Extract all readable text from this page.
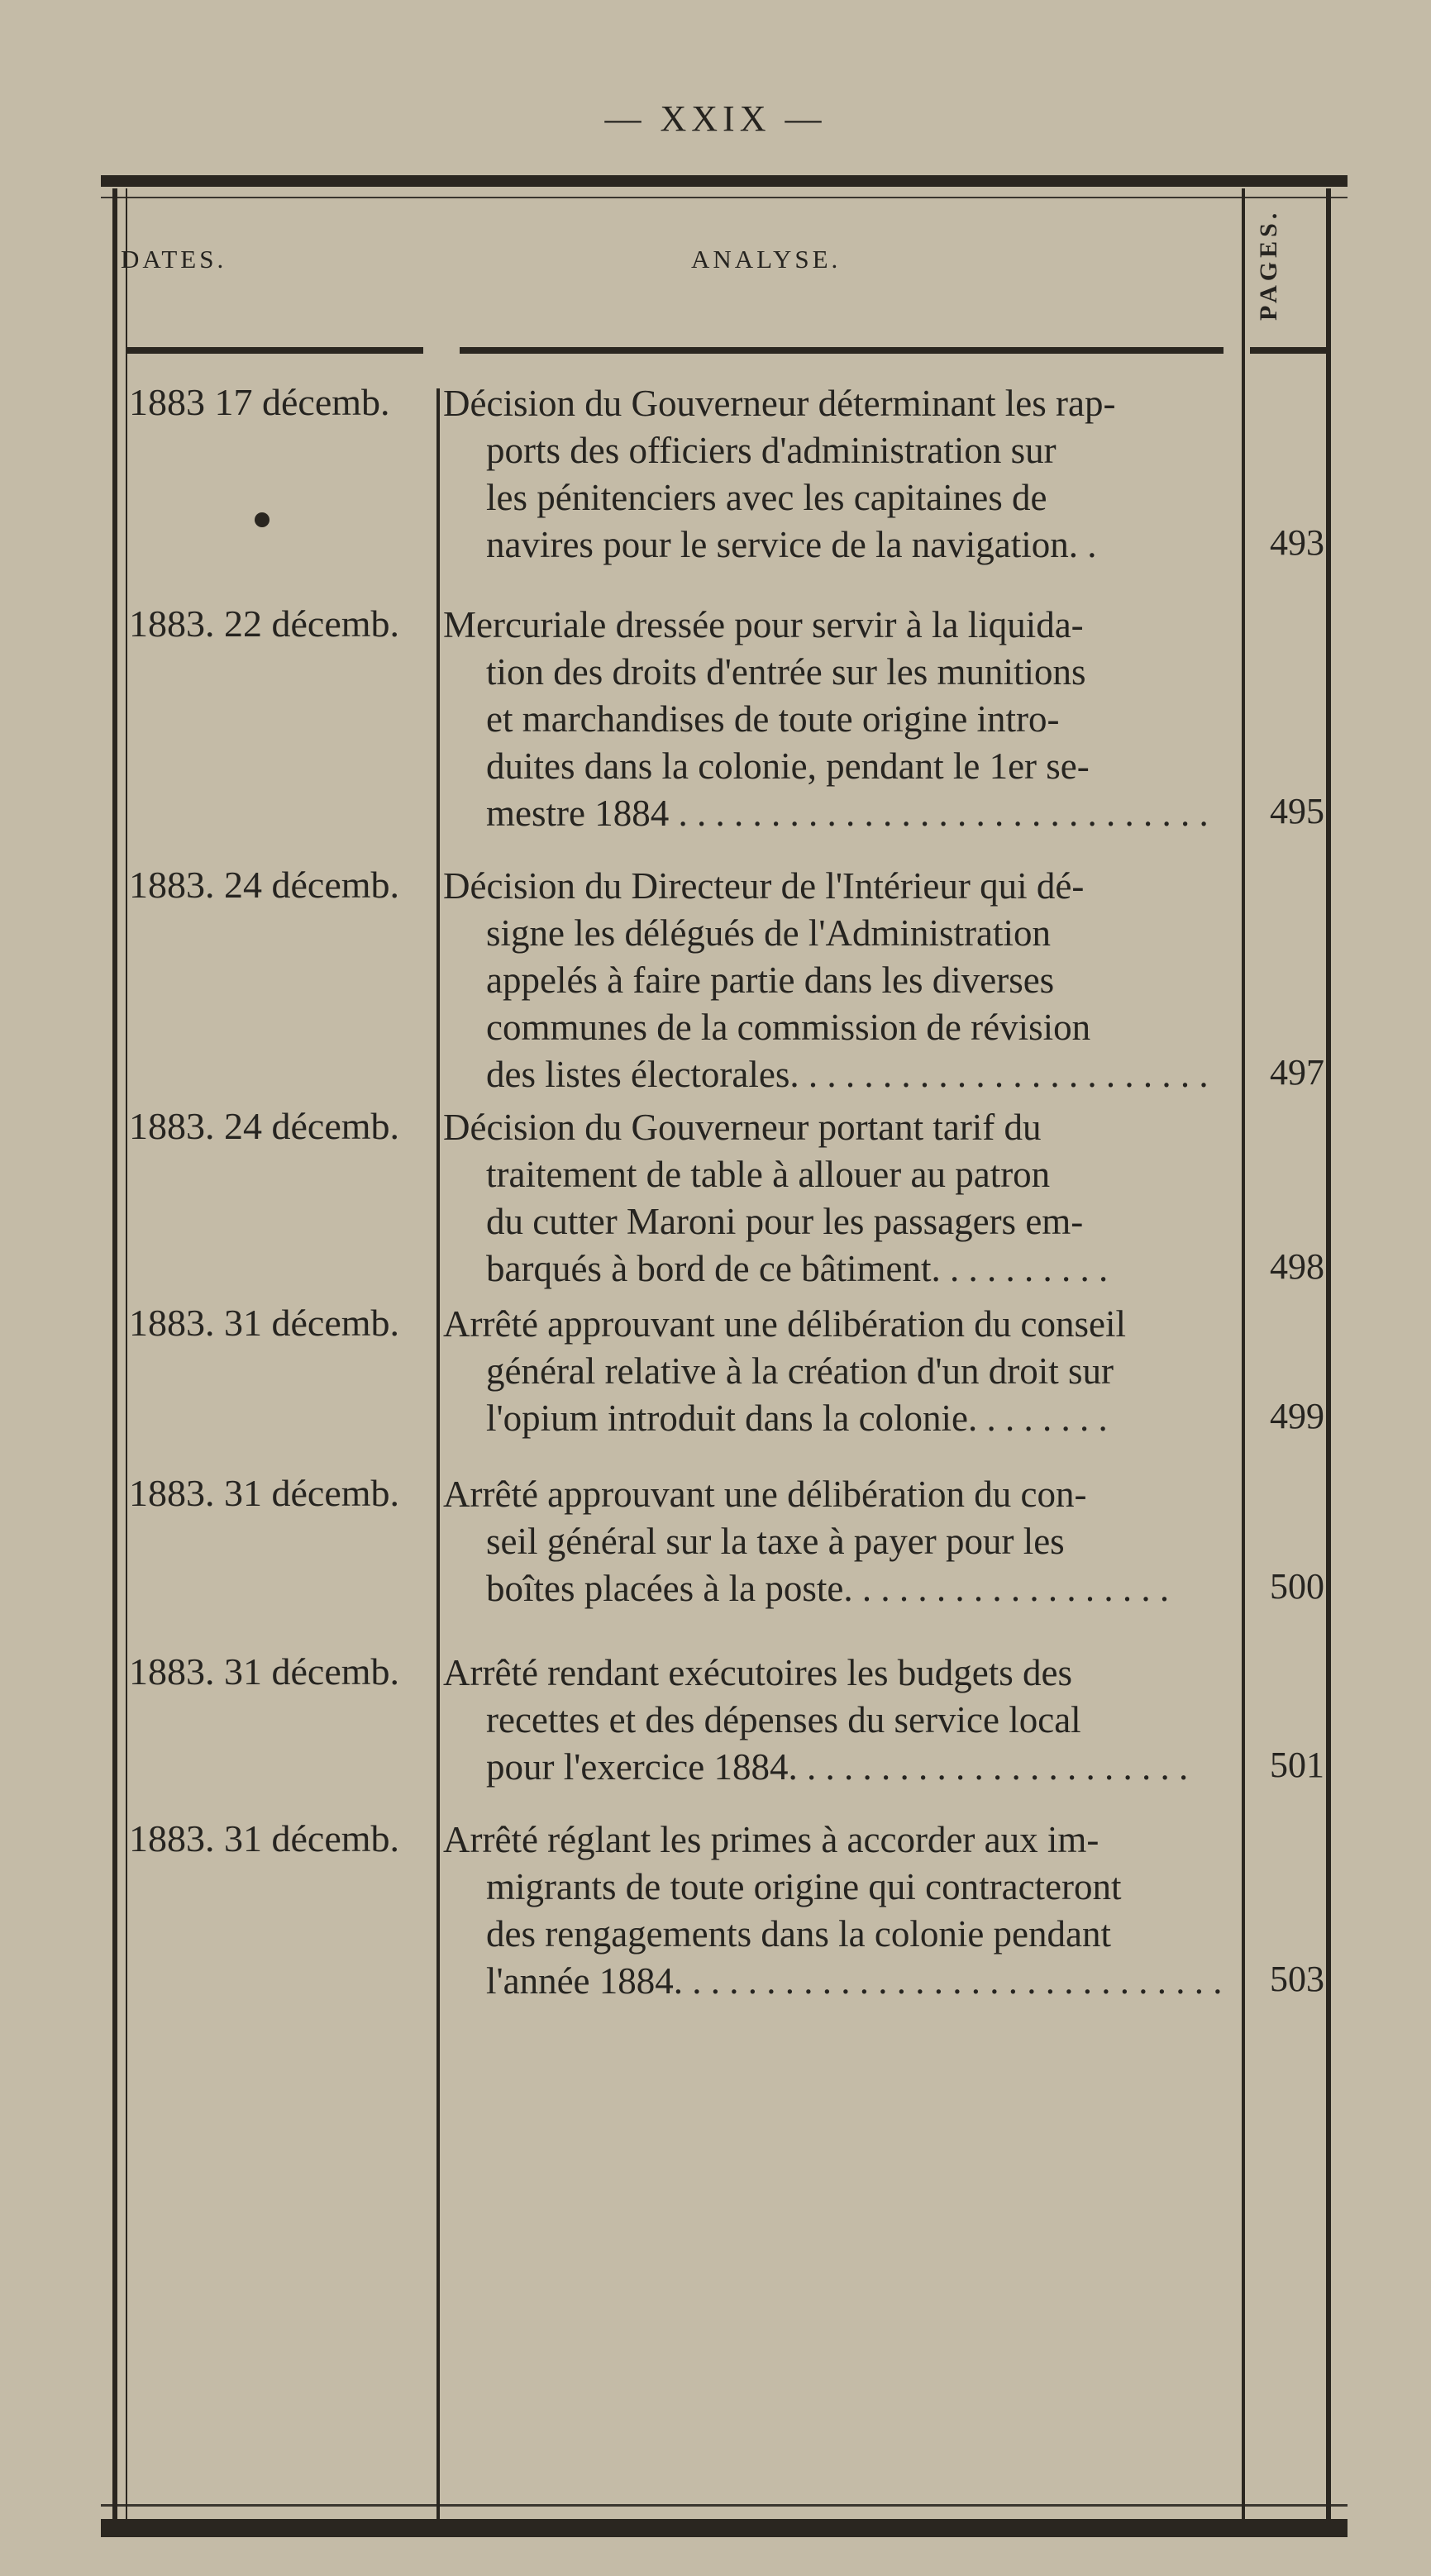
— XXIX —
DATES.	ANALYSE.	PAGES.
1883 17 décemb.	Décision du Gouverneur déterminant les rap-
ports des officiers d'administration sur
les pénitenciers avec les capitaines de
navires pour le service de la navigation. .	493
1883. 22 décemb.	Mercuriale dressée pour servir à la liquida-
tion des droits d'entrée sur les munitions
et marchandises de toute origine intro-
duites dans la colonie, pendant le 1er se-
mestre 1884 . . . . . . . . . . . . . . . . . . . . . . . . . . . . .	495
1883. 24 décemb.	Décision du Directeur de l'Intérieur qui dé-
signe les délégués de l'Administration
appelés à faire partie dans les diverses
communes de la commission de révision
des listes électorales. . . . . . . . . . . . . . . . . . . . . . .	497
1883. 24 décemb.	Décision du Gouverneur portant tarif du
traitement de table à allouer au patron
du cutter Maroni pour les passagers em-
barqués à bord de ce bâtiment. . . . . . . . . .	498
1883. 31 décemb.	Arrêté approuvant une délibération du conseil
général relative à la création d'un droit sur
l'opium introduit dans la colonie. . . . . . . .	499
1883. 31 décemb.	Arrêté approuvant une délibération du con-
seil général sur la taxe à payer pour les
boîtes placées à la poste. . . . . . . . . . . . . . . . . .	500
1883. 31 décemb.	Arrêté rendant exécutoires les budgets des
recettes et des dépenses du service local
pour l'exercice 1884. . . . . . . . . . . . . . . . . . . . . .	501
1883. 31 décemb.	Arrêté réglant les primes à accorder aux im-
migrants de toute origine qui contracteront
des rengagements dans la colonie pendant
l'année 1884. . . . . . . . . . . . . . . . . . . . . . . . . . . . . .	503
